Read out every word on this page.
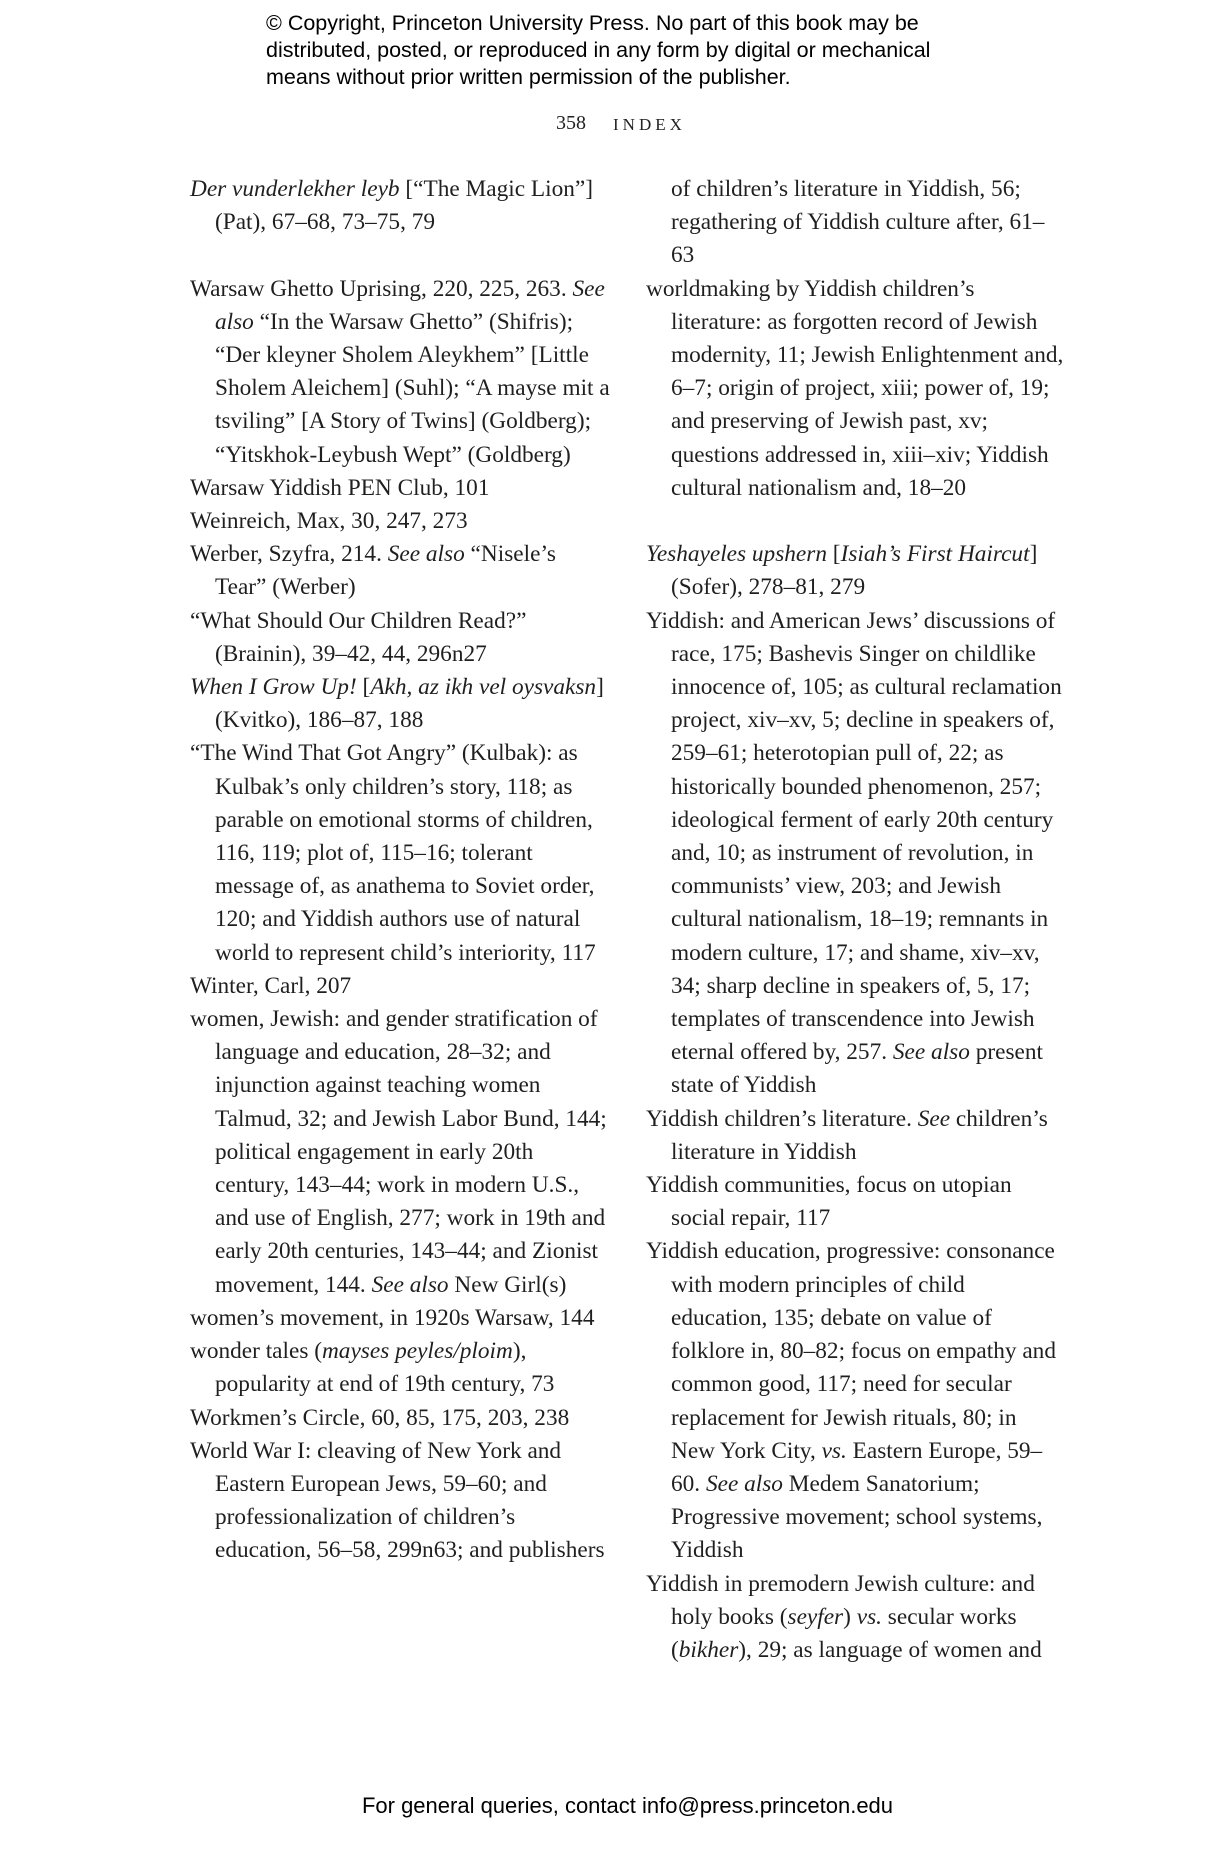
© Copyright, Princeton University Press. No part of this book may be
distributed, posted, or reproduced in any form by digital or mechanical
means without prior written permission of the publisher.
358 INDEX

Der vunderlekher leyb [“The Magic Lion”] (Pat), 67–68, 73–75, 79

Warsaw Ghetto Uprising, 220, 225, 263. See also “In the Warsaw Ghetto” (Shifris); “Der kleyner Sholem Aleykhem” [Little Sholem Aleichem] (Suhl); “A mayse mit a tsviling” [A Story of Twins] (Goldberg); “Yitskhok-Leybush Wept” (Goldberg)

Warsaw Yiddish PEN Club, 101

Weinreich, Max, 30, 247, 273

Werber, Szyfra, 214. See also “Nisele’s Tear” (Werber)

“What Should Our Children Read?” (Brainin), 39–42, 44, 296n27

When I Grow Up! [Akh, az ikh vel oysvaksn] (Kvitko), 186–87, 188

“The Wind That Got Angry” (Kulbak): as Kulbak’s only children’s story, 118; as parable on emotional storms of children, 116, 119; plot of, 115–16; tolerant message of, as anathema to Soviet order, 120; and Yiddish authors use of natural world to represent child’s interiority, 117

Winter, Carl, 207

women, Jewish: and gender stratification of language and education, 28–32; and injunction against teaching women Talmud, 32; and Jewish Labor Bund, 144; political engagement in early 20th century, 143–44; work in modern U.S., and use of English, 277; work in 19th and early 20th centuries, 143–44; and Zionist movement, 144. See also New Girl(s)

women’s movement, in 1920s Warsaw, 144

wonder tales (mayses peyles/ploim), popularity at end of 19th century, 73

Workmen’s Circle, 60, 85, 175, 203, 238

World War I: cleaving of New York and Eastern European Jews, 59–60; and professionalization of children’s education, 56–58, 299n63; and publishers

of children’s literature in Yiddish, 56; regathering of Yiddish culture after, 61–63

worldmaking by Yiddish children’s literature: as forgotten record of Jewish modernity, 11; Jewish Enlightenment and, 6–7; origin of project, xiii; power of, 19; and preserving of Jewish past, xv; questions addressed in, xiii–xiv; Yiddish cultural nationalism and, 18–20

Yeshayeles upshern [Isiah’s First Haircut] (Sofer), 278–81, 279

Yiddish: and American Jews’ discussions of race, 175; Bashevis Singer on childlike innocence of, 105; as cultural reclamation project, xiv–xv, 5; decline in speakers of, 259–61; heterotopian pull of, 22; as historically bounded phenomenon, 257; ideological ferment of early 20th century and, 10; as instrument of revolution, in communists’ view, 203; and Jewish cultural nationalism, 18–19; remnants in modern culture, 17; and shame, xiv–xv, 34; sharp decline in speakers of, 5, 17; templates of transcendence into Jewish eternal offered by, 257. See also present state of Yiddish

Yiddish children’s literature. See children’s literature in Yiddish

Yiddish communities, focus on utopian social repair, 117

Yiddish education, progressive: consonance with modern principles of child education, 135; debate on value of folklore in, 80–82; focus on empathy and common good, 117; need for secular replacement for Jewish rituals, 80; in New York City, vs. Eastern Europe, 59–60. See also Medem Sanatorium; Progressive movement; school systems, Yiddish

Yiddish in premodern Jewish culture: and holy books (seyfer) vs. secular works (bikher), 29; as language of women and

For general queries, contact info@press.princeton.edu
